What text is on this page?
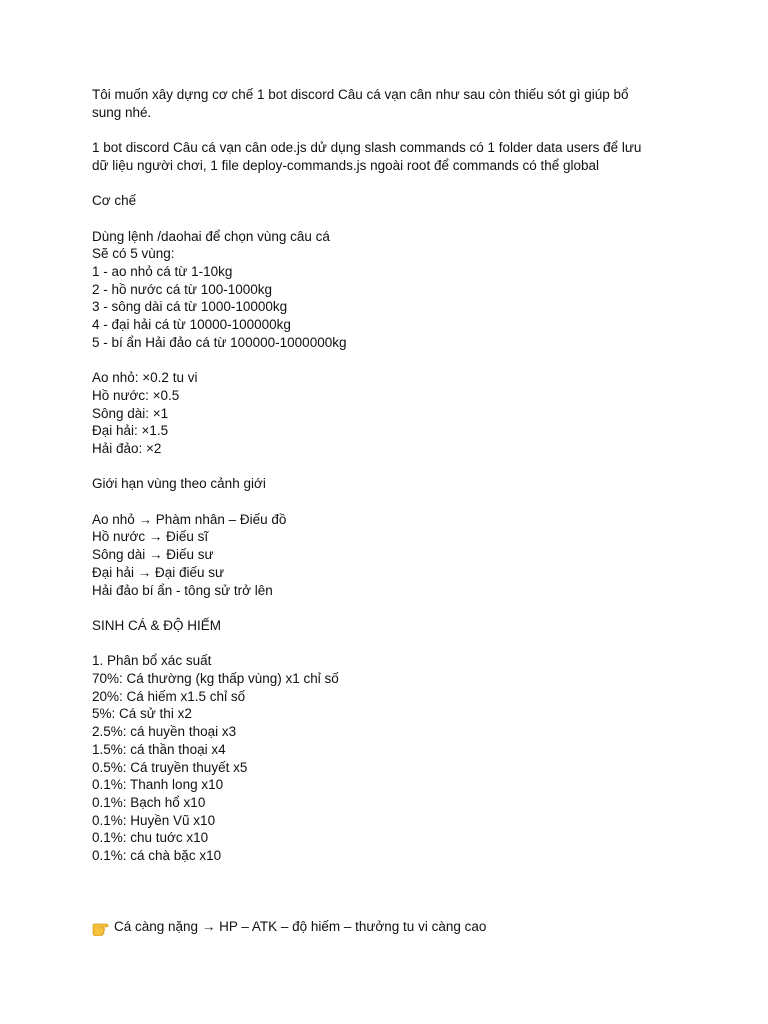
Tôi muốn xây dựng cơ chế 1 bot discord Câu cá vạn cân như sau còn thiếu sót gì giúp bổ
sung nhé.
1 bot discord Câu cá vạn cân ode.js dử dụng slash commands có 1 folder data users để lưu
dữ liệu người chơi, 1 file deploy-commands.js ngoài root để commands có thể global
Cơ chế
Dùng lệnh /daohai để chọn vùng câu cá
Sẽ có 5 vùng:
1 - ao nhỏ cá từ 1-10kg
2 - hồ nước cá từ 100-1000kg
3 - sông dài cá từ 1000-10000kg
4 - đại hải cá từ 10000-100000kg
5 - bí ẩn Hải đảo cá từ 100000-1000000kg
Ao nhỏ: ×0.2 tu vi
Hồ nước: ×0.5
Sông dài: ×1
Đại hải: ×1.5
Hải đảo: ×2
Giới hạn vùng theo cảnh giới
Ao nhỏ → Phàm nhân – Điếu đồ
Hồ nước → Điếu sĩ
Sông dài → Điếu sư
Đại hải → Đại điếu sư
Hải đảo bí ẩn - tông sử trở lên
SINH CÁ & ĐỘ HIẾM
1. Phân bổ xác suất
70%: Cá thường (kg thấp vùng) x1 chỉ số
20%: Cá hiếm x1.5 chỉ số
5%: Cá sử thi x2
2.5%: cá huyền thoại x3
1.5%: cá thần thoại x4
0.5%: Cá truyền thuyết x5
0.1%: Thanh long x10
0.1%: Bạch hổ x10
0.1%: Huyền Vũ x10
0.1%: chu tuớc x10
0.1%: cá chà bặc x10
Cá càng nặng → HP – ATK – độ hiếm – thưởng tu vi càng cao
